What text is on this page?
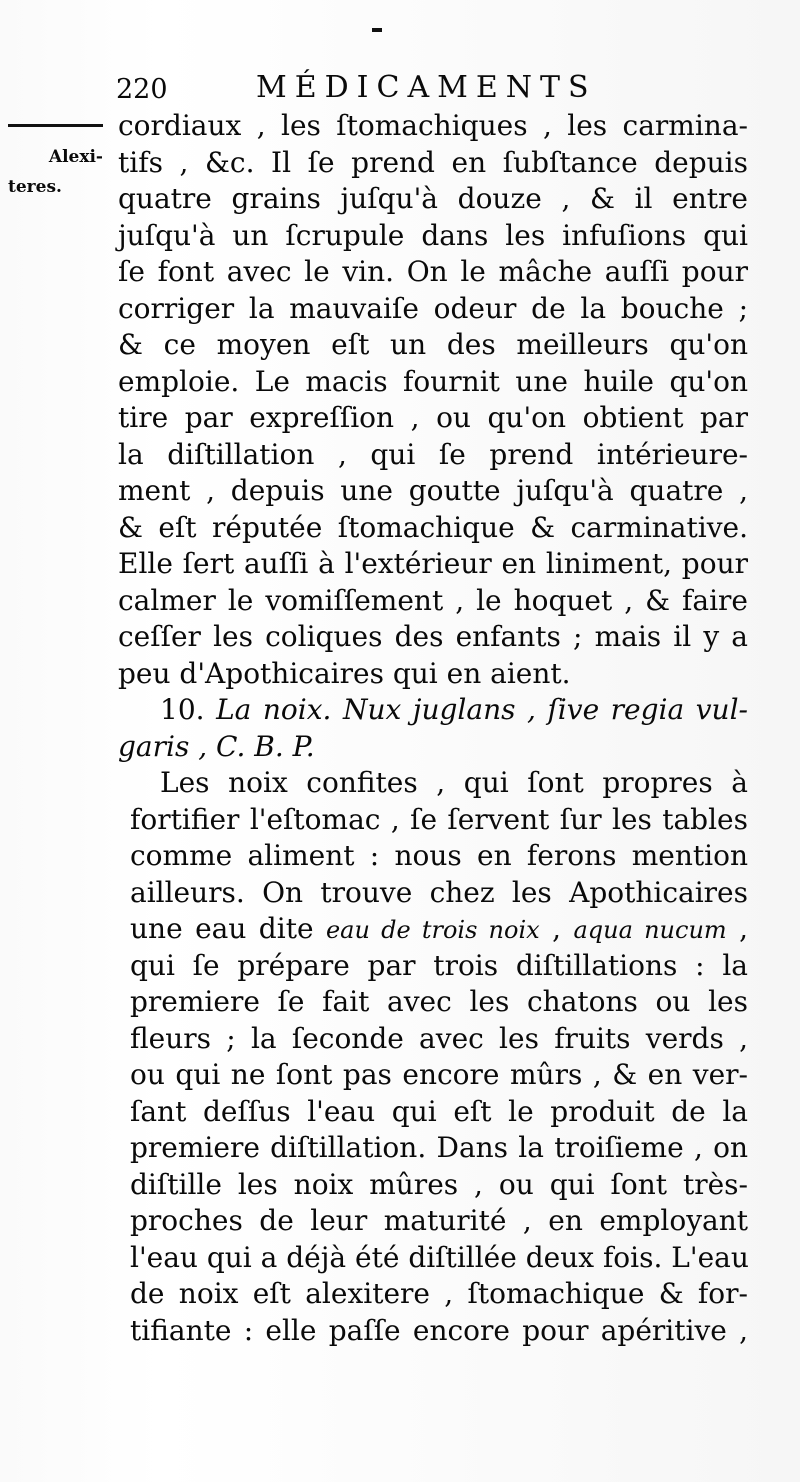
220	MÉDICAMENTS
Alexi-
teres.
cordiaux , les ſtomachiques , les carmina-
tifs , &c. Il ſe prend en ſubſtance depuis
quatre grains juſqu'à douze , & il entre
juſqu'à un ſcrupule dans les infuſions qui
ſe font avec le vin. On le mâche auſſi pour
corriger la mauvaiſe odeur de la bouche ;
& ce moyen eſt un des meilleurs qu'on
emploie. Le macis fournit une huile qu'on
tire par expreſſion , ou qu'on obtient par
la diſtillation , qui ſe prend intérieure-
ment , depuis une goutte juſqu'à quatre ,
& eſt réputée ſtomachique & carminative.
Elle ſert auſſi à l'extérieur en liniment, pour
calmer le vomiſſement , le hoquet , & faire
ceſſer les coliques des enfants ; mais il y a
peu d'Apothicaires qui en aient.
10. La noix. Nux juglans , ſive regia vul-
garis , C. B. P.
Les noix confites , qui ſont propres à
fortifier l'eſtomac , ſe ſervent ſur les tables
comme aliment : nous en ferons mention
ailleurs. On trouve chez les Apothicaires
une eau dite eau de trois noix , aqua nucum ,
qui ſe prépare par trois diſtillations : la
premiere ſe fait avec les chatons ou les
fleurs ; la ſeconde avec les fruits verds ,
ou qui ne ſont pas encore mûrs , & en ver-
ſant deſſus l'eau qui eſt le produit de la
premiere diſtillation. Dans la troiſieme , on
diſtille les noix mûres , ou qui ſont très-
proches de leur maturité , en employant
l'eau qui a déjà été diſtillée deux fois. L'eau
de noix eſt alexitere , ſtomachique & for-
tifiante : elle paſſe encore pour apéritive ,
